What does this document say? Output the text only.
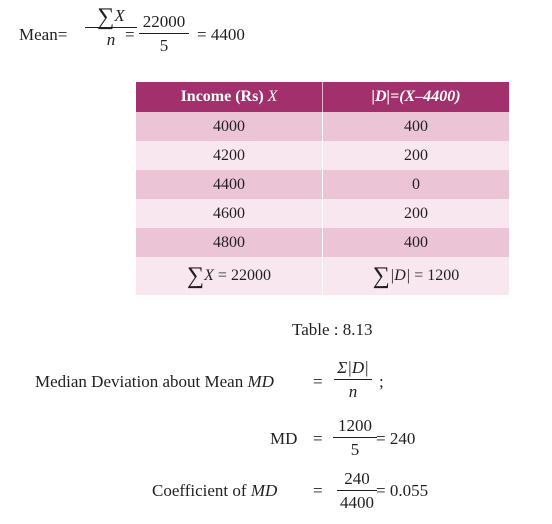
Mean=
∑X
n =
22000
5
= 4400
Income (Rs) X	|D|=(X–4400)
4000	400
4200	200
4400	0
4600	200
4800	400
∑X = 22000	∑|D| = 1200
Table : 8.13
Median Deviation about Mean MD =
Σ|D|
n
;
MD =
1200
5
= 240
Coefficient of MD =
240
4400
= 0.055
